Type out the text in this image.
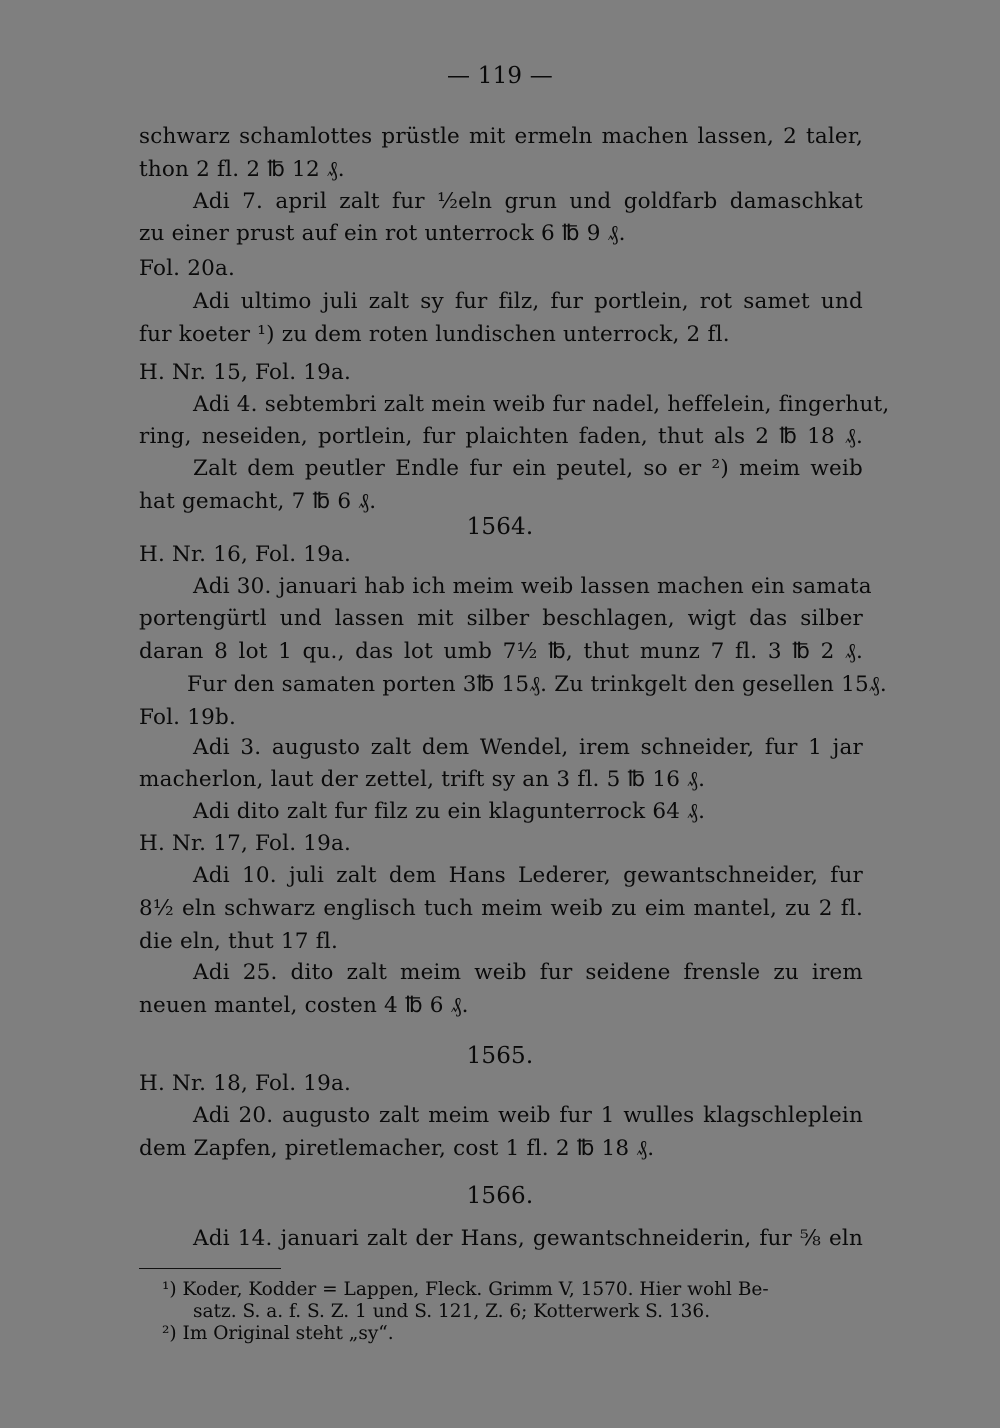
— 119 —
schwarz schamlottes prüstle mit ermeln machen lassen, 2 taler,
thon 2 fl. 2 ℔ 12 ₰.
Adi 7. april zalt fur ½eln grun und goldfarb damaschkat
zu einer prust auf ein rot unterrock 6 ℔ 9 ₰.
Fol. 20a.
Adi ultimo juli zalt sy fur filz, fur portlein, rot samet und
fur koeter ¹) zu dem roten lundischen unterrock, 2 fl.
H. Nr. 15, Fol. 19a.
Adi 4. sebtembri zalt mein weib fur nadel, heffelein, fingerhut,
ring, neseiden, portlein, fur plaichten faden, thut als 2 ℔ 18 ₰.
Zalt dem peutler Endle fur ein peutel, so er ²) meim weib
hat gemacht, 7 ℔ 6 ₰.
1564.
H. Nr. 16, Fol. 19a.
Adi 30. januari hab ich meim weib lassen machen ein samata
portengürtl und lassen mit silber beschlagen, wigt das silber
daran 8 lot 1 qu., das lot umb 7½ ℔, thut munz 7 fl. 3 ℔ 2 ₰.
Fur den samaten porten 3℔ 15₰. Zu trinkgelt den gesellen 15₰.
Fol. 19b.
Adi 3. augusto zalt dem Wendel, irem schneider, fur 1 jar
macherlon, laut der zettel, trift sy an 3 fl. 5 ℔ 16 ₰.
Adi dito zalt fur filz zu ein klagunterrock 64 ₰.
H. Nr. 17, Fol. 19a.
Adi 10. juli zalt dem Hans Lederer, gewantschneider, fur
8½ eln schwarz englisch tuch meim weib zu eim mantel, zu 2 fl.
die eln, thut 17 fl.
Adi 25. dito zalt meim weib fur seidene frensle zu irem
neuen mantel, costen 4 ℔ 6 ₰.
1565.
H. Nr. 18, Fol. 19a.
Adi 20. augusto zalt meim weib fur 1 wulles klagschleplein
dem Zapfen, piretlemacher, cost 1 fl. 2 ℔ 18 ₰.
1566.
Adi 14. januari zalt der Hans, gewantschneiderin, fur ⅝ eln
¹) Koder, Kodder = Lappen, Fleck. Grimm V, 1570. Hier wohl Be-
satz. S. a. f. S. Z. 1 und S. 121, Z. 6; Kotterwerk S. 136.
²) Im Original steht „sy“.
